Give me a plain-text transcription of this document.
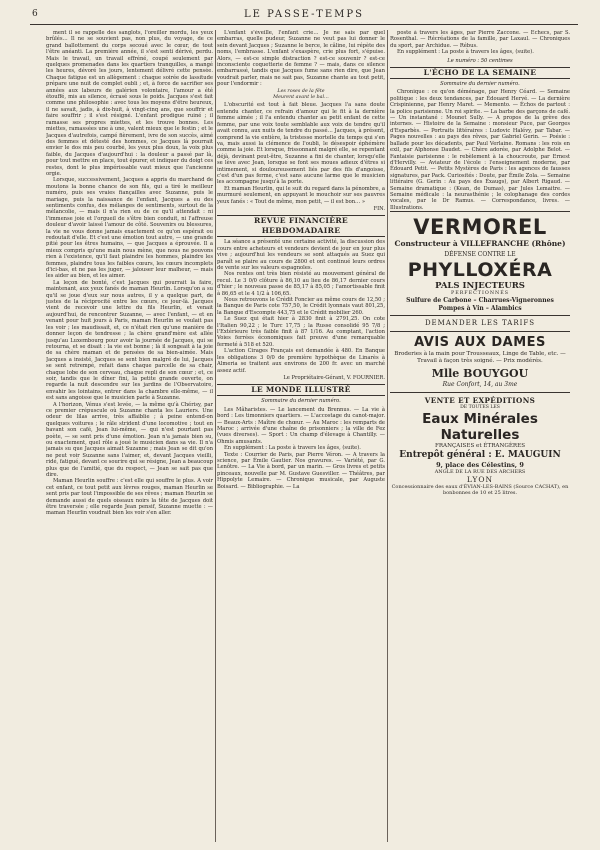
6	LE PASSE-TEMPS

ment il se rappelle des sanglots, l'oreiller mordu, les yeux brûlés… Il ne se souvient pas, non plus, du voyage, de ce grand ballottement du corps secoué avec le cœur, de tout l'être anéanti. La première année, il s'est senti dérivé, perdu. Mais le travail, un travail effréné, coupé seulement par quelques promenades dans les quartiers tranquilles, a mangé les heures, dévoré les jours, lentement délivré cette pensée. Chaque fatigue est un allègement : chaque soirée de lassitude prépare une nuit de complet oubli ; et, à force de sacrifier ses années aux labeurs de galérien volontaire, l'amour a été étouffé, mis au silence, écrasé sous le poids. Jacques s'est fait comme une philosophie : avec tous les moyens d'être heureux, il ne savait, jadis, à dix-huit, à vingt-cinq ans, que souffrir et faire souffrir ; il s'est résigné. L'enfant prodigue ruiné ; il ramasse ses propres miettes, et les trouve bonnes. Les miettes, ramassées une à une, valent mieux que le festin ; et le Jacques d'autrefois, campé fièrement, ivre de son succès, aimé des femmes et détesté des hommes, ce Jacques là pourrait envier le dos mis peu courbé, les yeux plus doux, la voix plus faible, du Jacques d'aujourd'hui : la douleur a passé par là, pour tout mettre en place, tout épurer, et indiquer du doigt ces restes, dont le plus impérissable vaut mieux que l'ancienne orgie.

Lorsque, successivement, Jacques a appris du marchand de moutons la bonne chance de son fils, qui a tiré le meilleur numéro, puis ses vraies fiançailles avec Suzanne, puis le mariage, puis la naissance de l'enfant, Jacques a eu des sentiments confus, des mélanges de sentiments, surtout de la mélancolie, — mais il n'a rien eu de ce qu'il attendait : ni l'immense joie et l'orgueil de s'être bien conduit, ni l'affreuse douleur d'avoir laissé l'amour de côté. Souvenirs ou blessures, la vie ne vous donne jamais exactement ce qu'on espérait ou redoutait d'elle. Et c'est une émotion tout autre, — une grande pitié pour les êtres humains, — que Jacques a éprouvée. Il a mieux compris qu'une main nous mène, que nous ne pouvons rien à l'existence, qu'il faut plaindre les hommes, plaindre les femmes, plaindre tous les faibles cœurs, les cœurs incomplets d'ici-bas, et ne pas les juger, — jalouser leur malheur, — mais les aider au bien, et les aimer.

La leçon de bonté, c'est Jacques qui pourrait la faire, maintenant, aux yeux fanés de maman Heurlin. Lorsqu'on a su qu'il se joue d'eux sur nous autres, il y a quelque part, de justes de la réciprocité entre les cœurs, ce jour-là. Jacques vient de recevoir une lettre du fils Heurlin, et venait aujourd'hui, de rencontrer Suzanne, — avec l'enfant, — et en venant pour huit jours à Paris, maman Heurlin se voulait pas les voir ; les maudissait, et, ce n'était rien qu'une manière de donner leçon de tendresse ; la chère grand'mère est allée jusqu'au Luxembourg pour avoir la journée de Jacques, qui se retourna, et se disait : la vie est bonne ; là il songeait à la joie de sa chère maman et de pensées de sa bien-aimée. Mais Jacques a insisté, Jacques se sent bien malgré de lui, Jacques se sent retrempé, refait dans chaque parcelle de sa chair, chaque lobe de son cerveau, chaque repli de son cœur ; et, ce soir, tandis que le dîner fini, la petite grande ouverte, on regarde la nuit descendre sur les jardins de l'Observatoire, envahir les lointains, entrer dans la chambre elle-même, — il est sans angoisse que le musicien parle à Suzanne.

A l'horizon, Vénus s'est levée, — la même qu'à Chérisy, par ce premier crépuscule où Suzanne chanta les Lauriers. Une odeur de lilas arrive, très affaiblie ; à peine entend-on quelques voitures ; le râle strident d'une locomotive ; tout en bavant son café, Jean lui-même, — qui n'est pourtant pas poète, — se sent pris d'une émotion. Jean n'a jamais bien su, ou exactement, quel rôle a joué le musicien dans sa vie. Il n'a jamais su que Jacques aimait Suzanne ; mais Jean se dit qu'on ne peut voir Suzanne sans l'aimer, et, devant Jacques vieilli, ridé, fatigué, devant ce sourire qui se résigne, Jean a beaucoup plus que de l'amitié, que du respect, — Jean se sait pas que dire.

Maman Heurlin souffre : c'est elle qui souffre le plus. A voir cet enfant, ce tout petit aux lèvres rouges, maman Heurlin se sent pris par tout l'impossible de ses rêves ; maman Heurlin se demande aussi de quels oiseaux noirs la tête de Jacques doit être traversée ; elle regarde Jean pensif, Suzanne muette : — maman Heurlin voudrait bien les voir s'en aller.

L'enfant s'éveille, l'enfant crie… Je ne sais par quel embarras, quelle pudeur, Suzanne ne veut pas lui donner le sein devant Jacques ; Suzanne le berce, le câline, lui répète des noms, l'embrasse. L'enfant s'exaspère, crie plus fort, s'épuise. Alors, — est-ce simple distraction ? est-ce souvenir ? est-ce inconsciente coquetterie de femme ? — mais, dans ce silence embarrassé, tandis que Jacques fume sans rien dire, que Jean voudrait parler, mais ne sait pas, Suzanne chante au tout petit, pour l'endormir :

Les roses de la fête
Meurent avant le bal…

L'obscurité est tout à fait bleue. Jacques l'a sans doute entendu chanter, ce refrain d'amour qui le fit à la dernière femme aimée ; il l'a entendu chanter au petit enfant de cette femme, par une voix toute semblable aux voix de tendre qu'il avait connu, aux nuits de tendre du passé… Jacques, à présent, comprend la vie entière, la tristesse mortelle du temps qui s'en va, mais aussi la clémence de l'oubli, le désespoir éphémère comme la joie. Et lorsque, frissonnant malgré elle, se repentant déjà, devinant peut-être, Suzanne a fini de chanter, lorsqu'elle se lève avec Jean, lorsque se font ses moues adieux d'êtres si intimement, si douloureusement liés par des fils d'angoisse, c'est d'un pas ferme, c'est sans aucune larme que le musicien les accompagne jusqu'à la porte.

Et maman Heurlin, qui le suit du regard dans la pénombre, a murmuré seulement, en appuyant le mouchoir sur ses pauvres yeux fanés : « Tout de même, mon petit, — il est bon… »

FIN.
REVUE FINANCIÈRE HEBDOMADAIRE

La séance a présenté une certaine activité, la discussion des cours entre acheteurs et vendeurs devient de jour en jour plus vive ; aujourd'hui les vendeurs se sont attaqués au Suez qui paraît se plaire au cours de 2800 et ont continué leurs ordres de vente sur les valeurs espagnoles.

Nos rentes ont très bien résisté au mouvement général de recul. Le 3 0/0 clôture à 86,10 au lieu de 86,17 dernier cours d'hier ; le nouveau passe de 85,17 à 85,05 ; l'amortissable finit à 86,65 et le 4 1/2 à 106,65.

Nous retrouvons le Crédit Foncier au même cours de 12,50 ; la Banque de Paris cote 757,50, le Crédit lyonnais vaut 801,25, la Banque d'Escompte 443,75 et le Crédit mobilier 260.

Le Suez qui était hier à 2830 finit à 2791,25. On cote l'Italien 90,22 ; le Turc 17,75 ; la Russe consolidé 95 7/8 ; l'Extérieure très faible finit à 87 1/16. Au comptant, l'action Voies ferrées économiques fait preuve d'une remarquable fermeté à 518 et 520.

L'action Cirages Français est demandée à 480. En Banque les obligations 3 0/0 de première hypothèque de Linarès à Almeria se traitent aux environs de 200 fr. avec un marché assez actif.

Le Propriétaire-Gérant, V. FOURNIER.
LE MONDE ILLUSTRÉ
Sommaire du dernier numéro.

Les Mâharistes. — Le lancement du Brennus. — La vie à bord : Les timonniers quartiers. — L'accostage du canot-major. — Beaux-Arts : Maître de chœur. — Au Maroc : les remparts de Maroc ; arrivée d'une chaîne de prisonniers ; la ville de Fez (vues diverses). — Sport : Un champ d'élevage à Chantilly. — Ohmis amusants.

En supplément : La poste à travers les âges, (suite).

Texte : Courrier de Paris, par Pierre Véron. — A travers la science, par Émile Gautier. Nos gravures. — Variété, par G. Lenôtre. — La Vie à bord, par un marin. — Gros livres et petits pinceaux, nouvelle par M. Gustave Guesviller. — Théâtres, par Hippolyte Lemaire. — Chronique musicale, par Auguste Boisard. — Bibliographie. — La

poste à travers les âges, par Pierre Zaccone. — Échecs, par S. Rosenthal. — Récréations de la famille, par Laxaul. — Chroniques du sport, par Archidue. — Rébus.

En supplément : La poste à travers les âges, (suite).

Le numéro : 50 centimes
L'ÉCHO DE LA SEMAINE
Sommaire du dernier numéro.

Chronique : ce qu'on déménage, par Henry Céard. — Semaine politique : les deux tendances, par Édouard Hervé. — La dernière Crispinienne, par Henry Maret. — Memento. — Échos de partout : la police parisienne. Un roi spirite. — La barbe des garçons de café. — Un instantané : Mounet Sully. — A propos de la grève des internes. — Histoire de la Semaine : monsieur Puce, par Georges d'Esparbès. — Portraits littéraires : Ludovic Halévy, par Tabar. — Pages nouvelles : au pays des rêves, par Gabriel Gerin. — Poésie : ballade pour les décadents, par Paul Verlaine. Romans : les rois en exil, par Alphonse Daudet. — Chère adorée, par Adolphe Belot. — Fantaisie parisienne : le rebèlement à la choucroute, par Ernest d'Hervilly. — Aviateur de l'école : l'enseignement moderne, par Édouard Petit. — Petits Mystères de Paris : les agences de fausses signatures, par Pack. Curiosités : Doute, par Émile Zola. — Semaine littéraire (G. Gerin : Au pays des Éxaugs), par Albert Rigaud. — Semaine dramatique : (Kean, de Dumas), par Jules Lemaitre. — Semaine médicale : la neurasthénie ; le colophanage des cordes vocales, par le Dr Ramus. — Correspondance, livres. — Illustrations.

VERMOREL
Constructeur à VILLEFRANCHE (Rhône)
DÉFENSE CONTRE LE
PHYLLOXÉRA
PALS INJECTEURS
PERFECTIONNÉS
Sulfure de Carbone – Charrues-Vigneronnes
Pompes à Vin – Alambics
DEMANDER LES TARIFS
AVIS AUX DAMES
Broderies à la main pour Trousseaux, Linge de Table, etc. — Travail à façon très soigné. — Prix modérés.
Mlle BOUYGOU
Rue Confort, 14, au 3me
VENTE ET EXPÉDITIONS
DE TOUTES LES
Eaux Minérales Naturelles
FRANÇAISES et ÉTRANGÈRES
Entrepôt général : E. MAUGUIN
9, place des Célestins, 9
ANGLE DE LA RUE DES ARCHERS
LYON
Concessionnaire des eaux d'ÉVIAN-LES-BAINS (Source CACHAT), en bonbonnes de 10 et 25 litres.
